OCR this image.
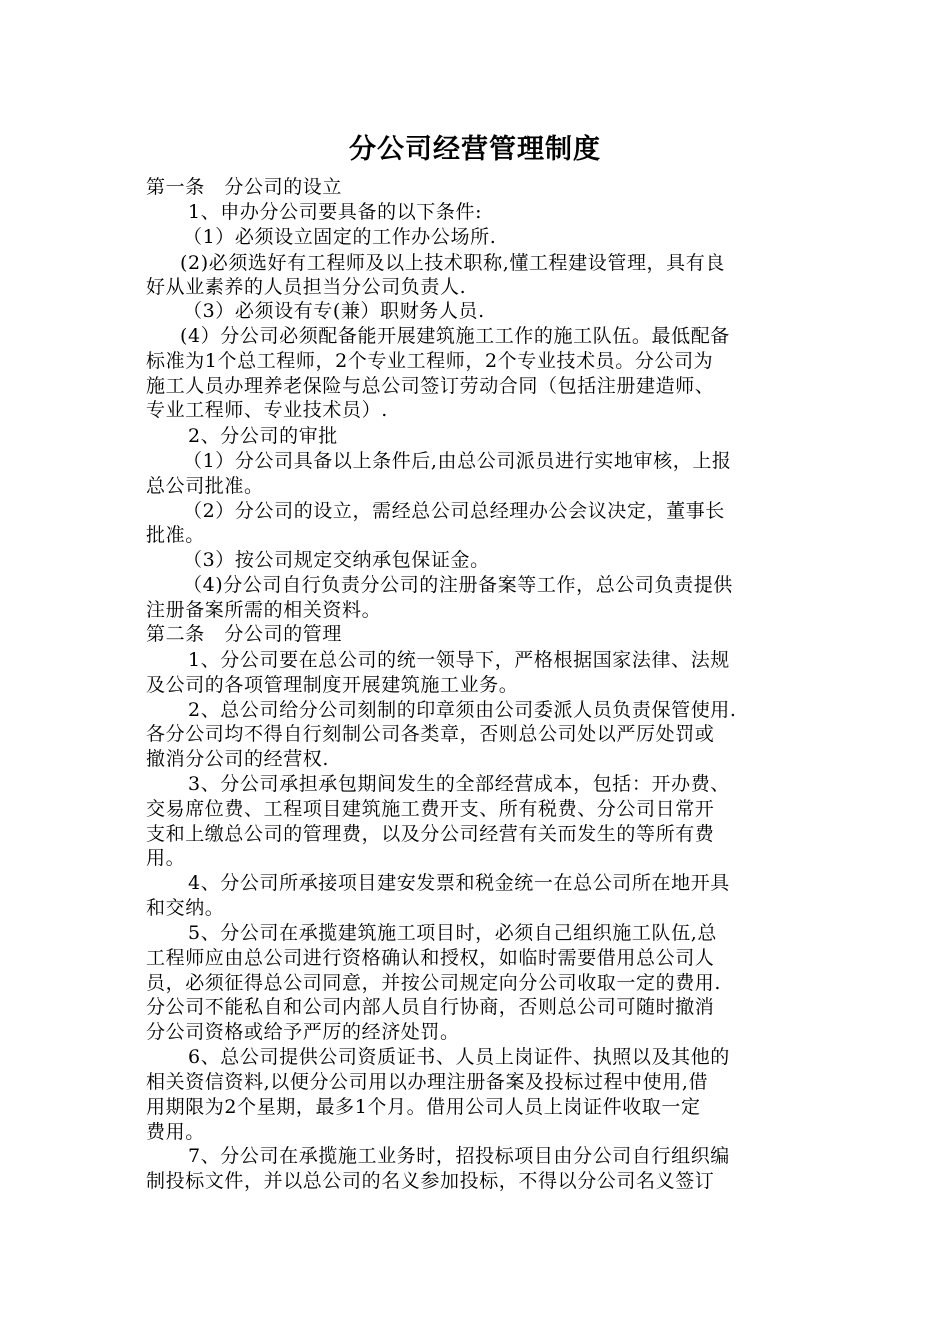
分公司经营管理制度
第一条　分公司的设立
1、申办分公司要具备的以下条件:
（1）必须设立固定的工作办公场所.
(2)必须选好有工程师及以上技术职称,懂工程建设管理，具有良
好从业素养的人员担当分公司负责人.
（3）必须设有专(兼）职财务人员.
(4）分公司必须配备能开展建筑施工工作的施工队伍。最低配备
标准为1个总工程师，2个专业工程师，2个专业技术员。分公司为
施工人员办理养老保险与总公司签订劳动合同（包括注册建造师、
专业工程师、专业技术员）.
2、分公司的审批
（1）分公司具备以上条件后,由总公司派员进行实地审核，上报
总公司批准。
（2）分公司的设立，需经总公司总经理办公会议决定，董事长
批准。
（3）按公司规定交纳承包保证金。
（4)分公司自行负责分公司的注册备案等工作，总公司负责提供
注册备案所需的相关资料。
第二条　分公司的管理
1、分公司要在总公司的统一领导下，严格根据国家法律、法规
及公司的各项管理制度开展建筑施工业务。
2、总公司给分公司刻制的印章须由公司委派人员负责保管使用.
各分公司均不得自行刻制公司各类章，否则总公司处以严厉处罚或
撤消分公司的经营权.
3、分公司承担承包期间发生的全部经营成本，包括：开办费、
交易席位费、工程项目建筑施工费开支、所有税费、分公司日常开
支和上缴总公司的管理费，以及分公司经营有关而发生的等所有费
用。
4、分公司所承接项目建安发票和税金统一在总公司所在地开具
和交纳。
5、分公司在承揽建筑施工项目时，必须自己组织施工队伍,总
工程师应由总公司进行资格确认和授权，如临时需要借用总公司人
员，必须征得总公司同意，并按公司规定向分公司收取一定的费用.
分公司不能私自和公司内部人员自行协商，否则总公司可随时撤消
分公司资格或给予严厉的经济处罚。
6、总公司提供公司资质证书、人员上岗证件、执照以及其他的
相关资信资料,以便分公司用以办理注册备案及投标过程中使用,借
用期限为2个星期，最多1个月。借用公司人员上岗证件收取一定
费用。
7、分公司在承揽施工业务时，招投标项目由分公司自行组织编
制投标文件，并以总公司的名义参加投标，不得以分公司名义签订
